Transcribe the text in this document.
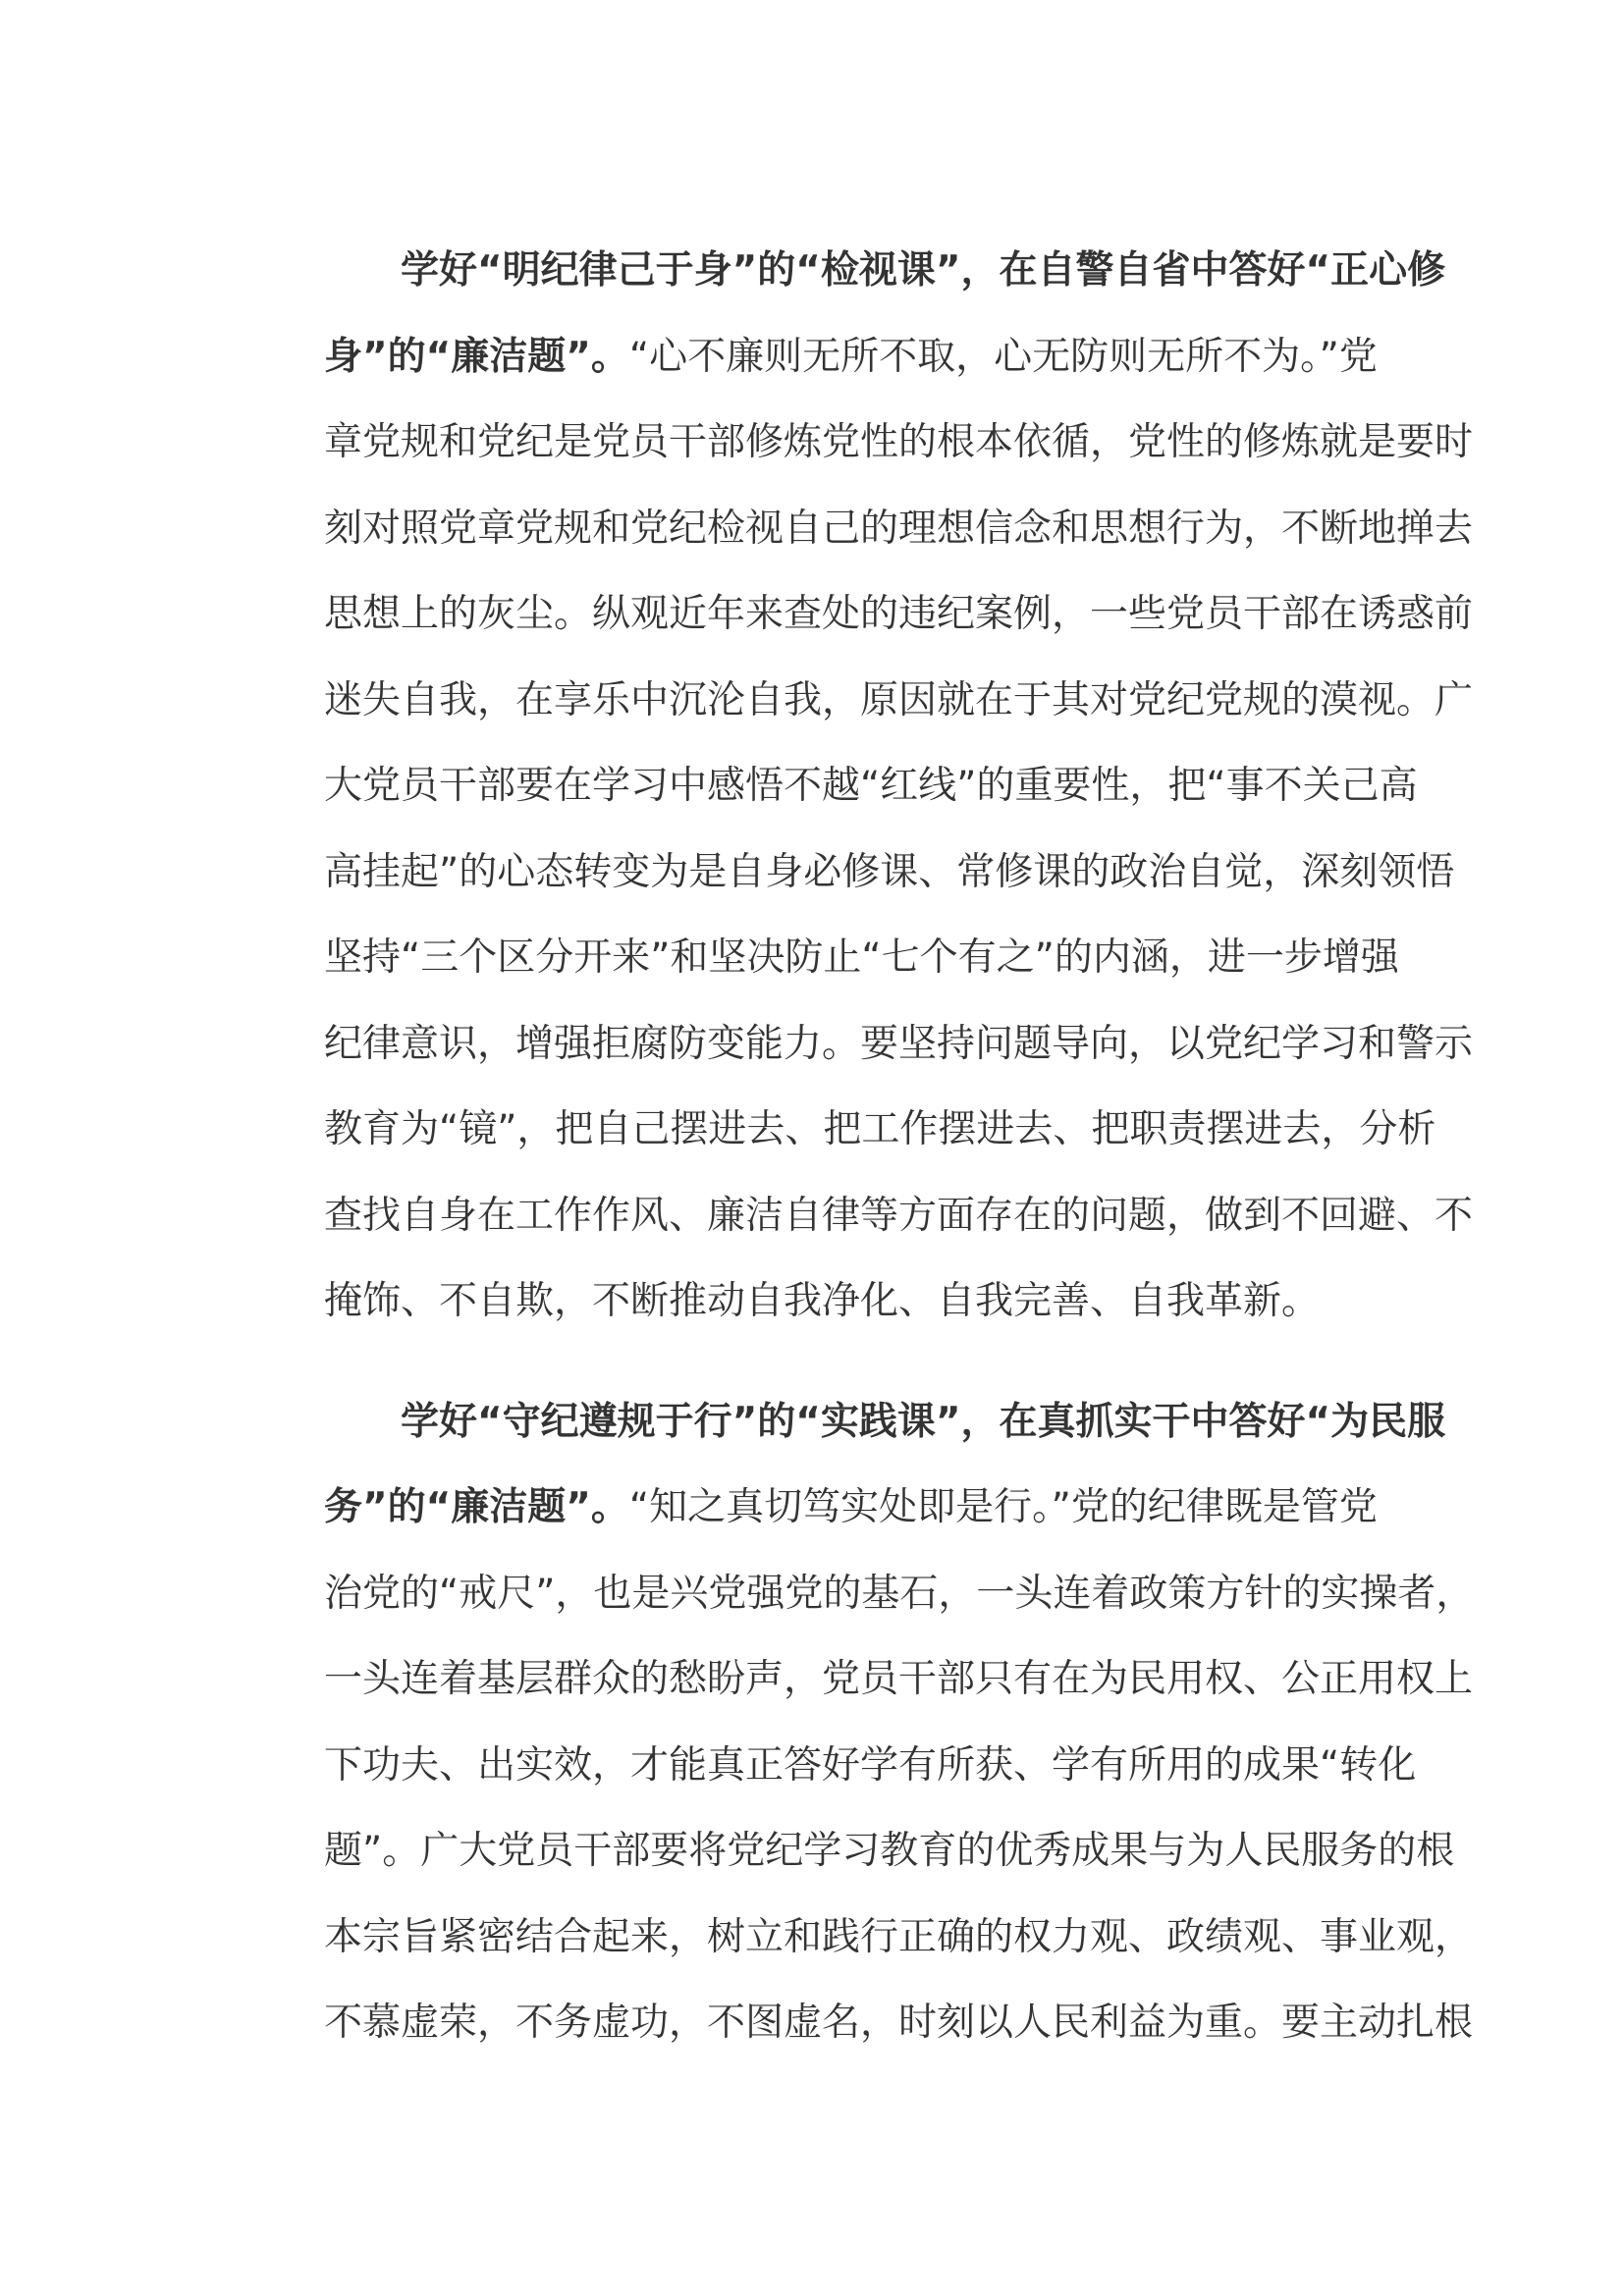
学好“明纪律己于身”的“检视课”，在自警自省中答好“正心修
身”的“廉洁题”。“心不廉则无所不取，心无防则无所不为。”党
章党规和党纪是党员干部修炼党性的根本依循，党性的修炼就是要时
刻对照党章党规和党纪检视自己的理想信念和思想行为，不断地掸去
思想上的灰尘。纵观近年来查处的违纪案例，一些党员干部在诱惑前
迷失自我，在享乐中沉沦自我，原因就在于其对党纪党规的漠视。广
大党员干部要在学习中感悟不越“红线”的重要性，把“事不关己高
高挂起”的心态转变为是自身必修课、常修课的政治自觉，深刻领悟
坚持“三个区分开来”和坚决防止“七个有之”的内涵，进一步增强
纪律意识，增强拒腐防变能力。要坚持问题导向，以党纪学习和警示
教育为“镜”，把自己摆进去、把工作摆进去、把职责摆进去，分析
查找自身在工作作风、廉洁自律等方面存在的问题，做到不回避、不
掩饰、不自欺，不断推动自我净化、自我完善、自我革新。
学好“守纪遵规于行”的“实践课”，在真抓实干中答好“为民服
务”的“廉洁题”。“知之真切笃实处即是行。”党的纪律既是管党
治党的“戒尺”，也是兴党强党的基石，一头连着政策方针的实操者，
一头连着基层群众的愁盼声，党员干部只有在为民用权、公正用权上
下功夫、出实效，才能真正答好学有所获、学有所用的成果“转化
题”。广大党员干部要将党纪学习教育的优秀成果与为人民服务的根
本宗旨紧密结合起来，树立和践行正确的权力观、政绩观、事业观，
不慕虚荣，不务虚功，不图虚名，时刻以人民利益为重。要主动扎根
